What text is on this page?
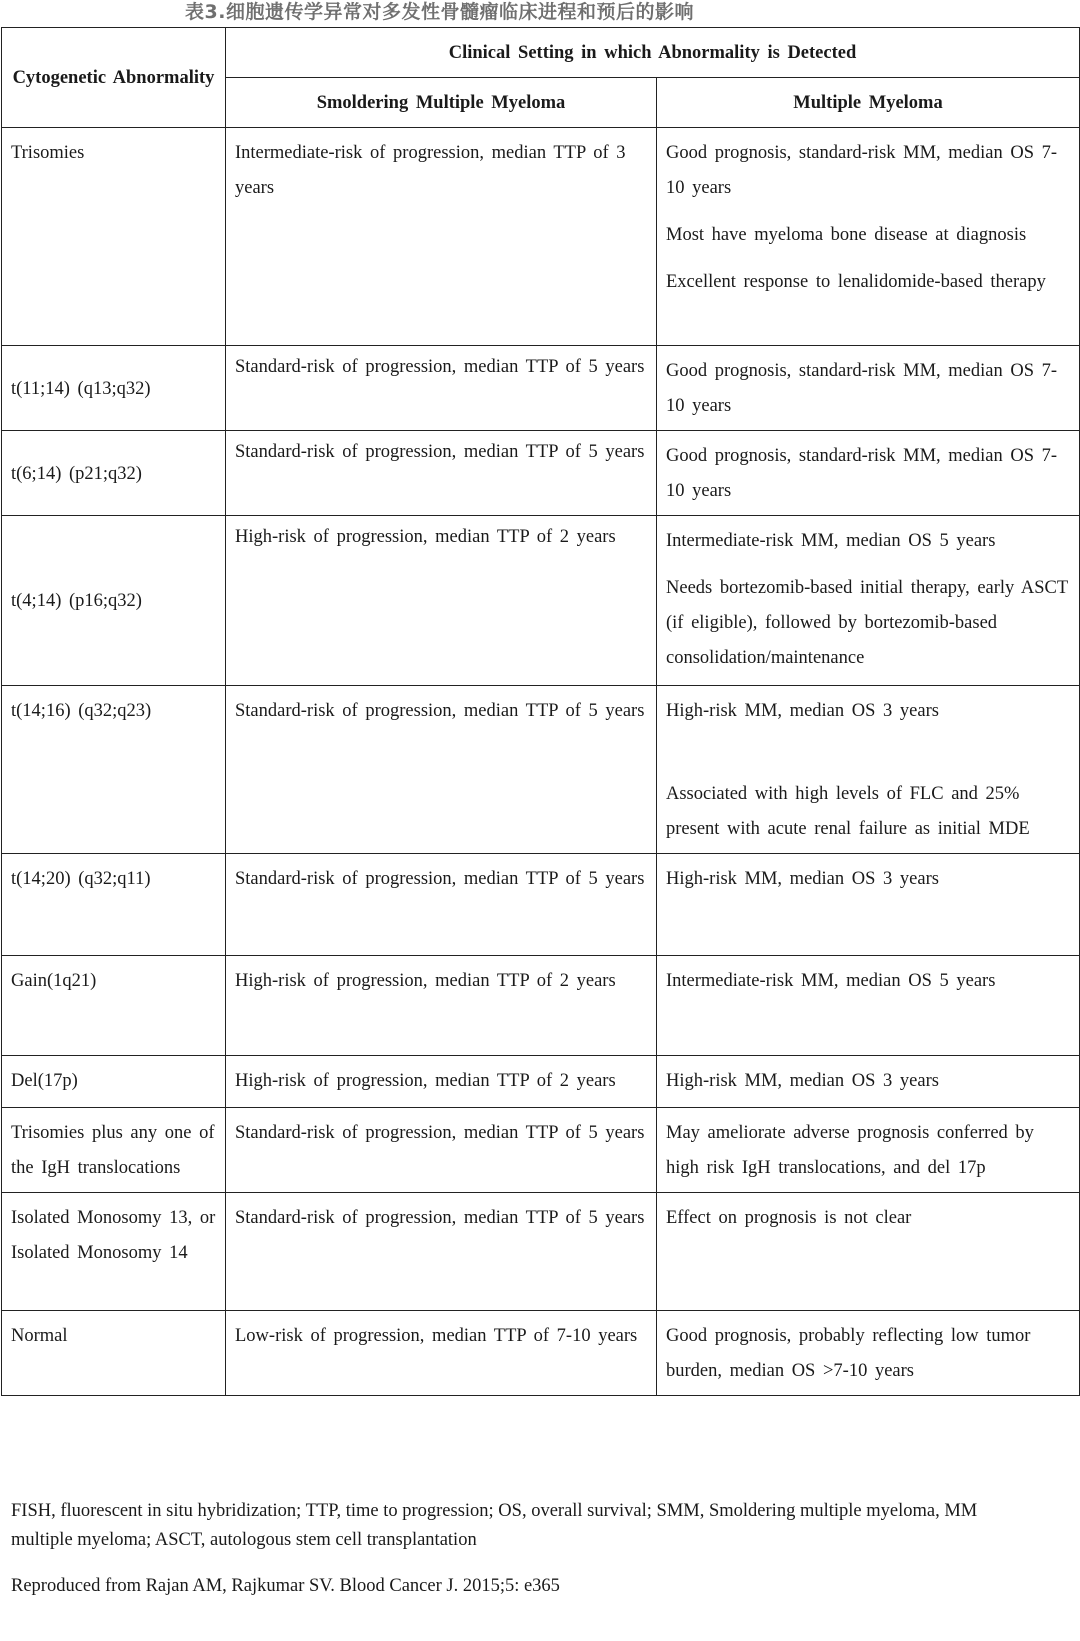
表3.细胞遗传学异常对多发性骨髓瘤临床进程和预后的影响
Cytogenetic Abnormality	Clinical Setting in which Abnormality is Detected	
	Smoldering Multiple Myeloma	Multiple Myeloma
Trisomies	Intermediate-risk of progression, median TTP of 3 years	Good prognosis, standard-risk MM, median OS 7-10 years
Most have myeloma bone disease at diagnosis
Excellent response to lenalidomide-based therapy

t(11;14) (q13;q32)	Standard-risk of progression, median TTP of 5 years	Good prognosis, standard-risk MM, median OS 7-10 years

t(6;14) (p21;q32)	Standard-risk of progression, median TTP of 5 years	Good prognosis, standard-risk MM, median OS 7-10 years

t(4;14) (p16;q32)	High-risk of progression, median TTP of 2 years	Intermediate-risk MM, median OS 5 years
Needs bortezomib-based initial therapy, early ASCT (if eligible), followed by bortezomib-based consolidation/maintenance

t(14;16) (q32;q23)	Standard-risk of progression, median TTP of 5 years	High-risk MM, median OS 3 years
Associated with high levels of FLC and 25% present with acute renal failure as initial MDE

t(14;20) (q32;q11)	Standard-risk of progression, median TTP of 5 years	High-risk MM, median OS 3 years

Gain(1q21)	High-risk of progression, median TTP of 2 years	Intermediate-risk MM, median OS 5 years

Del(17p)	High-risk of progression, median TTP of 2 years	High-risk MM, median OS 3 years

Trisomies plus any one of the IgH translocations	Standard-risk of progression, median TTP of 5 years	May ameliorate adverse prognosis conferred by high risk IgH translocations, and del 17p

Isolated Monosomy 13, or Isolated Monosomy 14	Standard-risk of progression, median TTP of 5 years	Effect on prognosis is not clear

Normal	Low-risk of progression, median TTP of 7-10 years	Good prognosis, probably reflecting low tumor burden, median OS >7-10 years
FISH, fluorescent in situ hybridization; TTP, time to progression; OS, overall survival; SMM, Smoldering multiple myeloma, MM
multiple myeloma; ASCT, autologous stem cell transplantation
Reproduced from Rajan AM, Rajkumar SV. Blood Cancer J. 2015;5: e365
